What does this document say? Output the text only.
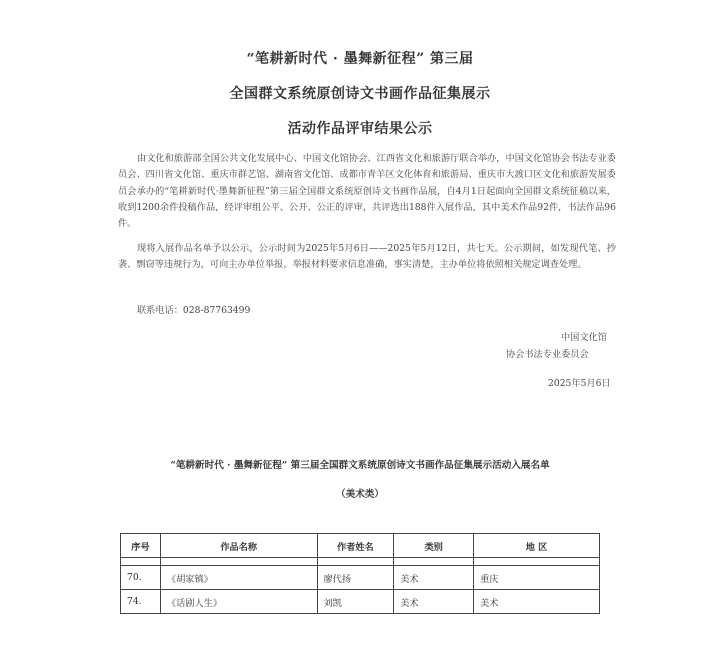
“笔耕新时代 · 墨舞新征程” 第三届
全国群文系统原创诗文书画作品征集展示
活动作品评审结果公示
由文化和旅游部全国公共文化发展中心、中国文化馆协会、江西省文化和旅游厅联合举办，中国文化馆协会书法专业委员会、四川省文化馆、重庆市群艺馆、湖南省文化馆、成都市青羊区文化体育和旅游局、重庆市大渡口区文化和旅游发展委员会承办的“笔耕新时代·墨舞新征程”第三届全国群文系统原创诗文书画作品展，自4月1日起面向全国群文系统征稿以来，收到1200余件投稿作品，经评审组公平、公开、公正的评审，共评选出188件入展作品，其中美术作品92件，书法作品96件。
现将入展作品名单予以公示，公示时间为2025年5月6日——2025年5月12日，共七天。公示期间，如发现代笔、抄袭、剽窃等违规行为，可向主办单位举报，举报材料要求信息准确，事实清楚，主办单位将依照相关规定调查处理。
联系电话：028-87763499
中国文化馆
协会书法专业委员会
2025年5月6日
“笔耕新时代 · 墨舞新征程” 第三届全国群文系统原创诗文书画作品征集展示活动入展名单
（美术类）
序号	作品名称	作者姓名	类别	地 区

70.	《胡家镇》	廖代扬	美术	重庆
74.	《话剧人生》	刘凯	美术	美术
